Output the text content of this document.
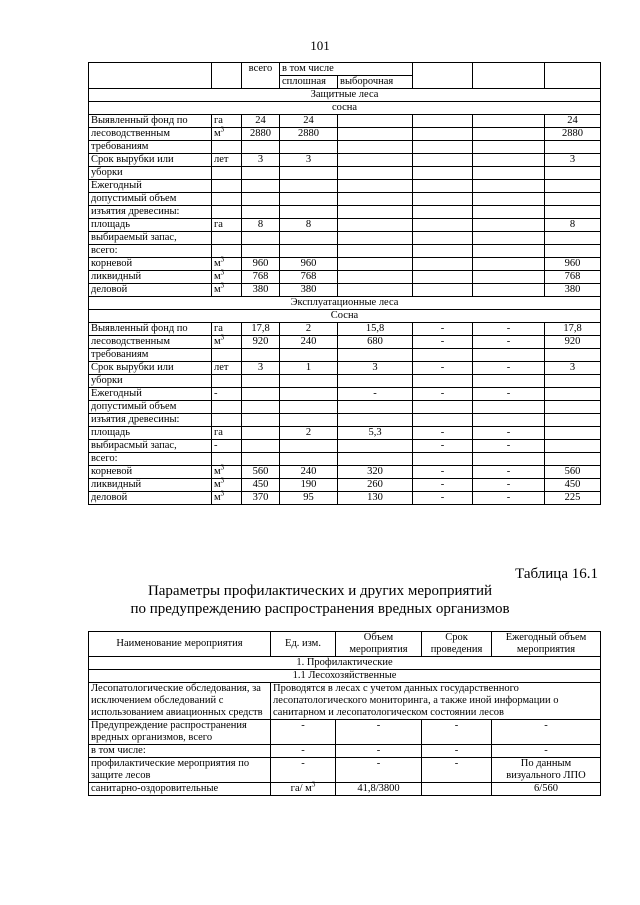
101
		всего	в том числе				
			сплошная	выборочная			
Защитные леса							
сосна							
Выявленный фонд по	га	24	24				24
лесоводственным	$м^3$	2880	2880				2880
требованиям							
Срок вырубки или	лет	3	3				3
уборки							
Ежегодный							
допустимый объем							
изъятия древесины:							
площадь	га	8	8				8
выбираемый запас,							
всего:							
корневой	$м^3$	960	960				960
ликвидный	$м^3$	768	768				768
деловой	$м^3$	380	380				380
Эксплуатационные леса							
Сосна							
Выявленный фонд по	га	17,8	2	15,8	-	-	17,8
лесоводственным	$м^3$	920	240	680	-	-	920
требованиям							
Срок вырубки или	лет	3	1	3	-	-	3
уборки							
Ежегодный	-			-	-	-	
допустимый объем							
изъятия древесины:							
площадь	га		2	5,3	-	-	
выбирасмый запас,	-				-	-	
всего:							
корневой	$м^3$	560	240	320	-	-	560
ликвидный	$м^3$	450	190	260	-	-	450
деловой	$м^3$	370	95	130	-	-	225
Таблица 16.1
Параметры профилактических и других мероприятий
по предупреждению распространения вредных организмов
Наименование мероприятия	Ед. изм.	Объем мероприятия	Срок проведения	Ежегодный объем мероприятия
1. Профилактические				
1.1 Лесохозяйственные				
Лесопатологические обследования, за исключением обследований с использованием авиационных средств	Проводятся в лесах с учетом данных государственного лесопатологического мониторинга, а также иной информации о санитарном и лесопатологическом состоянии лесов			
Предупреждение распространения вредных организмов, всего	-	-	-	-
в том числе:	-	-	-	-
профилактические мероприятия по защите лесов	-	-	-	По данным визуального ЛПО
санитарно-оздоровительные	га/ $м^3$	41,8/3800		6/560
